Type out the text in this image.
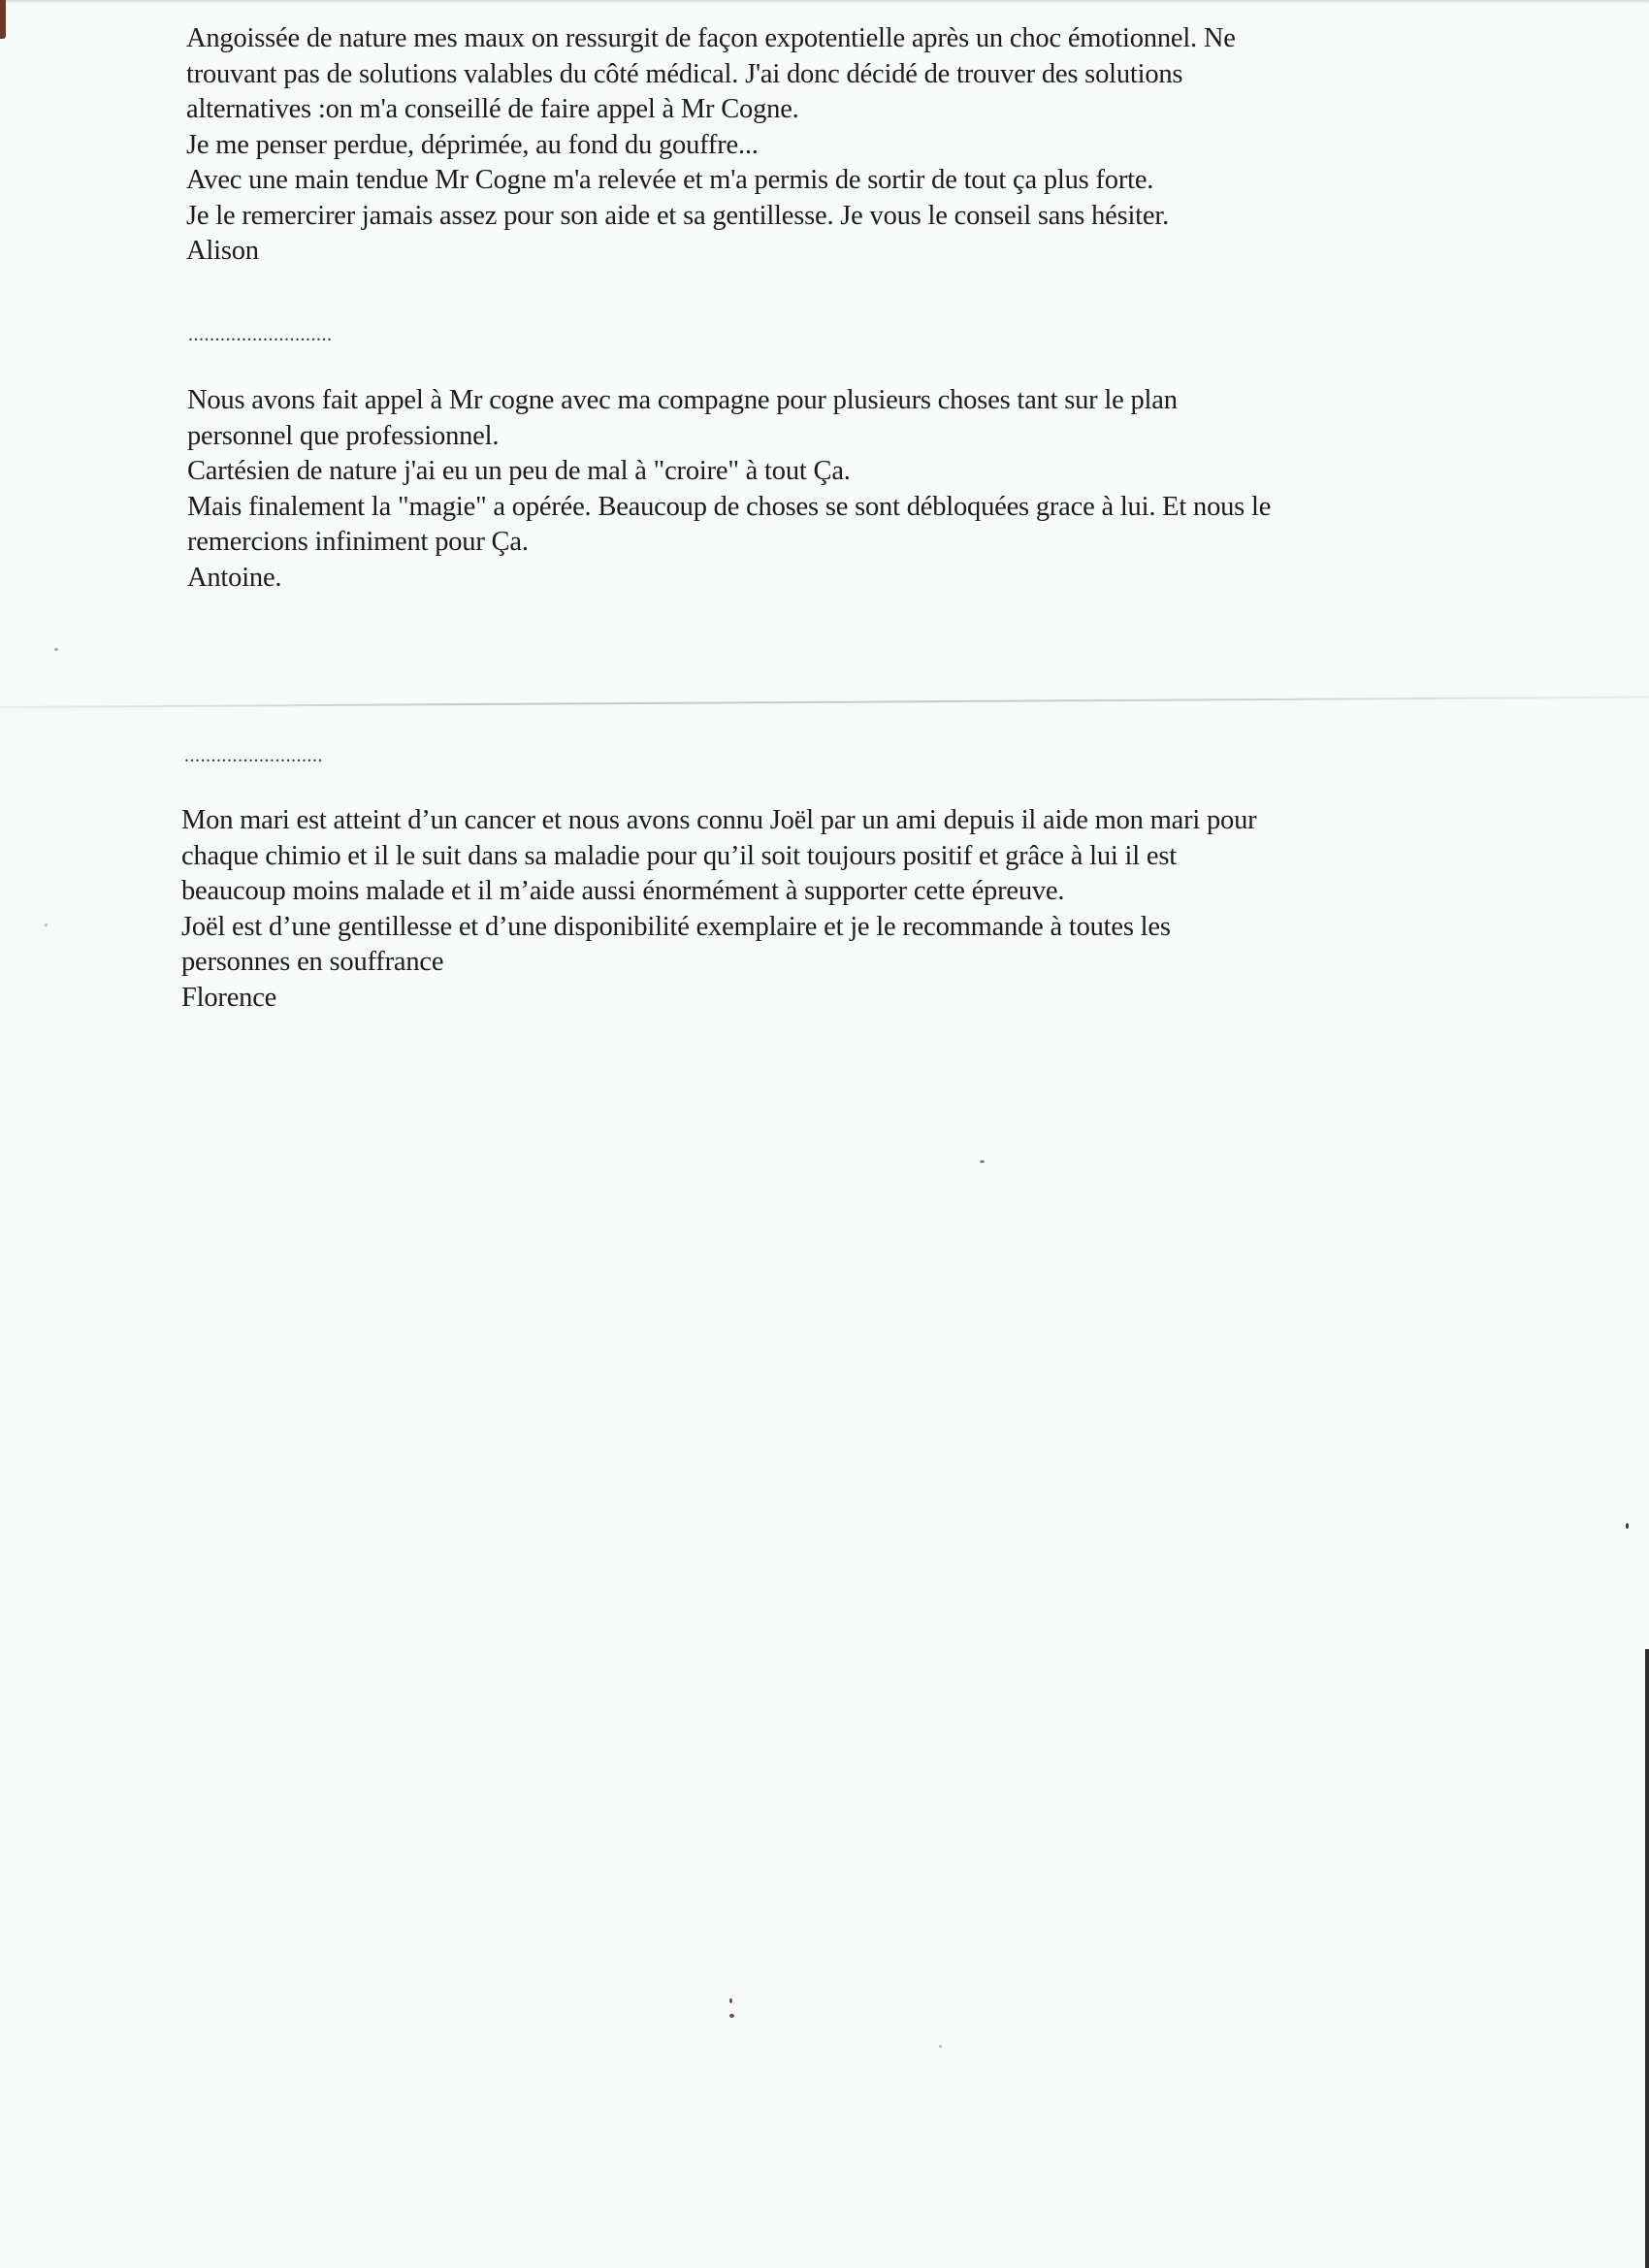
Angoissée de nature mes maux on ressurgit de façon expotentielle après un choc émotionnel. Ne

trouvant pas de solutions valables du côté médical. J'ai donc décidé de trouver des solutions

alternatives :on m'a conseillé de faire appel à Mr Cogne.

Je me penser perdue, déprimée, au fond du gouffre...

Avec une main tendue Mr Cogne m'a relevée et m'a permis de sortir de tout ça plus forte.

Je le remercirer jamais assez pour son aide et sa gentillesse. Je vous le conseil sans hésiter.

Alison

...........................

Nous avons fait appel à Mr cogne avec ma compagne pour plusieurs choses tant sur le plan

personnel que professionnel.

Cartésien de nature j'ai eu un peu de mal à "croire" à tout Ça.

Mais finalement la "magie" a opérée. Beaucoup de choses se sont débloquées grace à lui. Et nous le

remercions infiniment pour Ça.

Antoine.

..........................

Mon mari est atteint d’un cancer et nous avons connu Joël par un ami depuis il aide mon mari pour

chaque chimio et il le suit dans sa maladie pour qu’il soit toujours positif et grâce à lui il est

beaucoup moins malade et il m’aide aussi énormément à supporter cette épreuve.

Joël est d’une gentillesse et d’une disponibilité exemplaire et je le recommande à toutes les

personnes en souffrance

Florence
